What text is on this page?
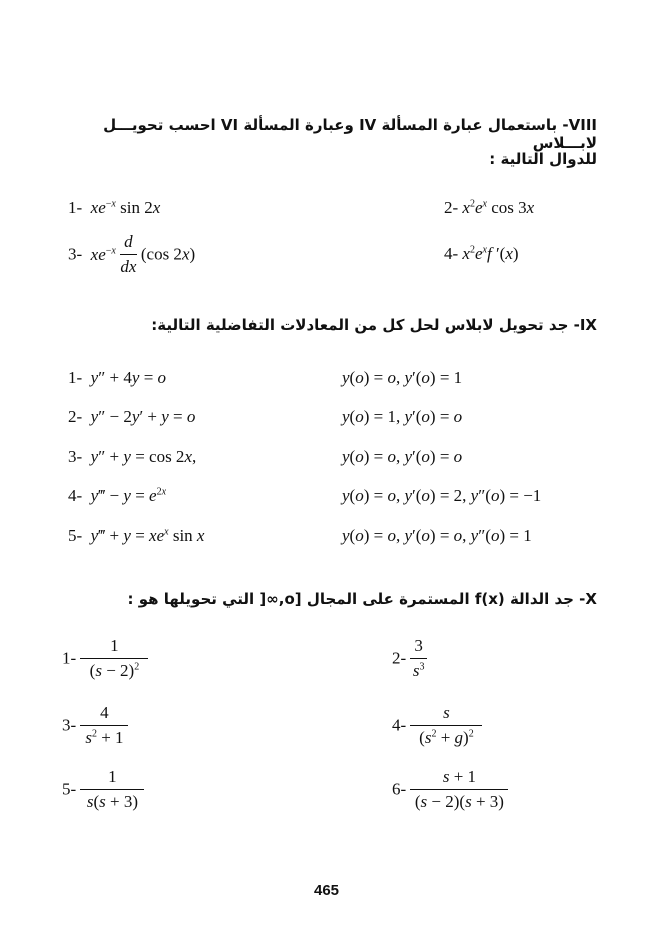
VIII- باستعمال عبارة المسألة IV وعبارة المسألة VI احسب تحويـــل لابـــلاس
للدوال التالية :
1- $xe^{-x}$ sin 2x	2- $x^2e^x$ cos 3x
3- $xe^{-x} \frac{d}{dx} (\cos$ 2x)	4- $x^2e^xf$ ′(x)
IX- جد تحويل لابلاس لحل كل من المعادلات التفاضلية التالية:
1- y″ + 4y = o	y(o) = o, y′(o) = 1
2- y″ − 2y′ + y = o	y(o) = 1, y′(o) = o
3- y″ + y = cos 2x,	y(o) = o, y′(o) = o
4- y‴ − $y = e^{2x}$	y(o) = o, y′(o) = 2, y″(o) = −1
5- y‴ + $y = xe^x$ sin x	y(o) = o, y′(o) = o, y″(o) = 1
X- جد الدالة f(x) المستمرة على المجال [o,∞[ التي تحويلها هو :
$1- \frac{1}{(s - 2)^2}$	$2- \frac{3}{s^3}$
$3- \frac{4}{s^2 + 1}$	$4- \frac{s}{(s^2 + g)^2}$
$5- \frac{1}{s(s + 3)}$	$6- \frac{s + 1}{(s - 2)(s + 3)}$
465
